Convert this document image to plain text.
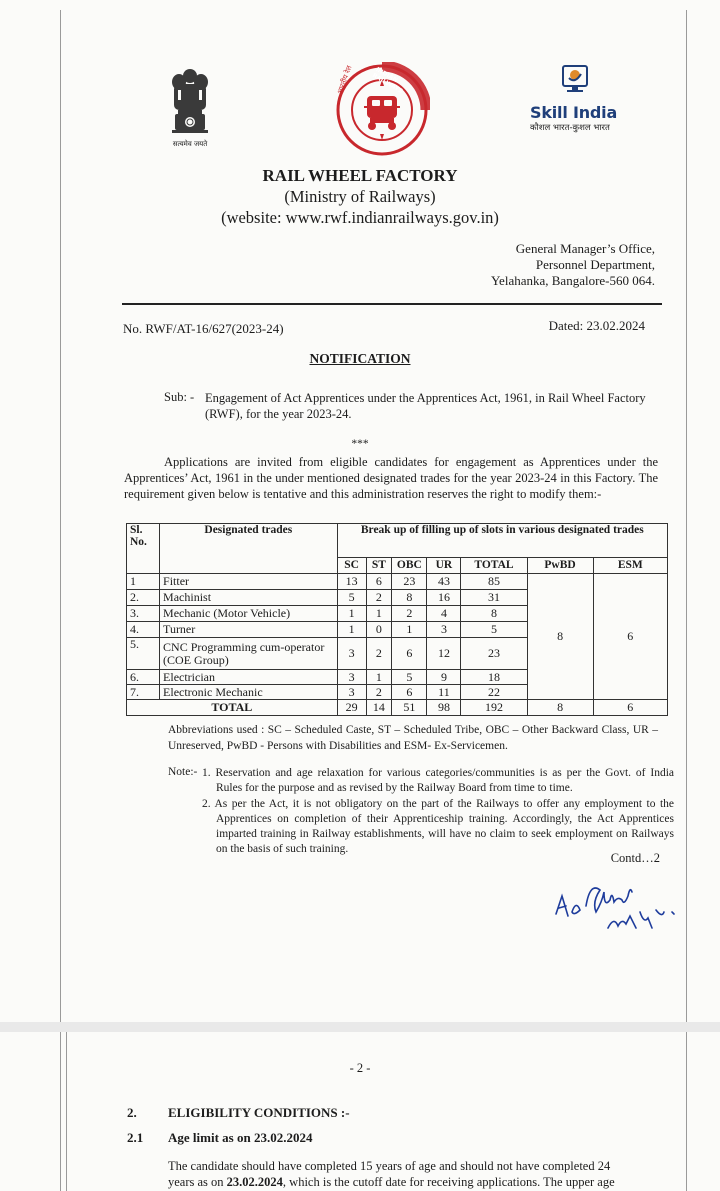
सत्यमेव जयते
INDIAN RAILWAYS
भारतीय रेल
Skill India
कौशल भारत-कुशल भारत
RAIL WHEEL FACTORY
(Ministry of Railways)
(website: www.rwf.indianrailways.gov.in)
General Manager’s Office,
Personnel Department,
Yelahanka, Bangalore-560 064.
No. RWF/AT-16/627(2023-24)	Dated: 23.02.2024
NOTIFICATION
Sub: - Engagement of Act Apprentices under the Apprentices Act, 1961, in Rail Wheel Factory (RWF), for the year 2023-24.
***
Applications are invited from eligible candidates for engagement as Apprentices under the Apprentices’ Act, 1961 in the under mentioned designated trades for the year 2023-24 in this Factory. The requirement given below is tentative and this administration reserves the right to modify them:-
Sl. No.	Designated trades	Break up of filling up of slots in various designated trades						
		SC	ST	OBC	UR	TOTAL	PwBD	ESM
1	Fitter	13	6	23	43	85	8	6
2.	Machinist	5	2	8	16	31		
3.	Mechanic (Motor Vehicle)	1	1	2	4	8		
4.	Turner	1	0	1	3	5		
5.	CNC Programming cum-operator (COE Group)	3	2	6	12	23		
6.	Electrician	3	1	5	9	18		
7.	Electronic Mechanic	3	2	6	11	22		
TOTAL		29	14	51	98	192	8	6
Abbreviations used : SC – Scheduled Caste, ST – Scheduled Tribe, OBC – Other Backward Class, UR – Unreserved, PwBD - Persons with Disabilities and ESM- Ex-Servicemen.
Note:- 1. Reservation and age relaxation for various categories/communities is as per the Govt. of India Rules for the purpose and as revised by the Railway Board from time to time.
2. As per the Act, it is not obligatory on the part of the Railways to offer any employment to the Apprentices on completion of their Apprenticeship training. Accordingly, the Act Apprentices imparted training in Railway establishments, will have no claim to seek employment on Railways on the basis of such training.
Contd…2
- 2 -
2. ELIGIBILITY CONDITIONS :-
2.1 Age limit as on 23.02.2024
The candidate should have completed 15 years of age and should not have completed 24
years as on 23.02.2024, which is the cutoff date for receiving applications. The upper age
